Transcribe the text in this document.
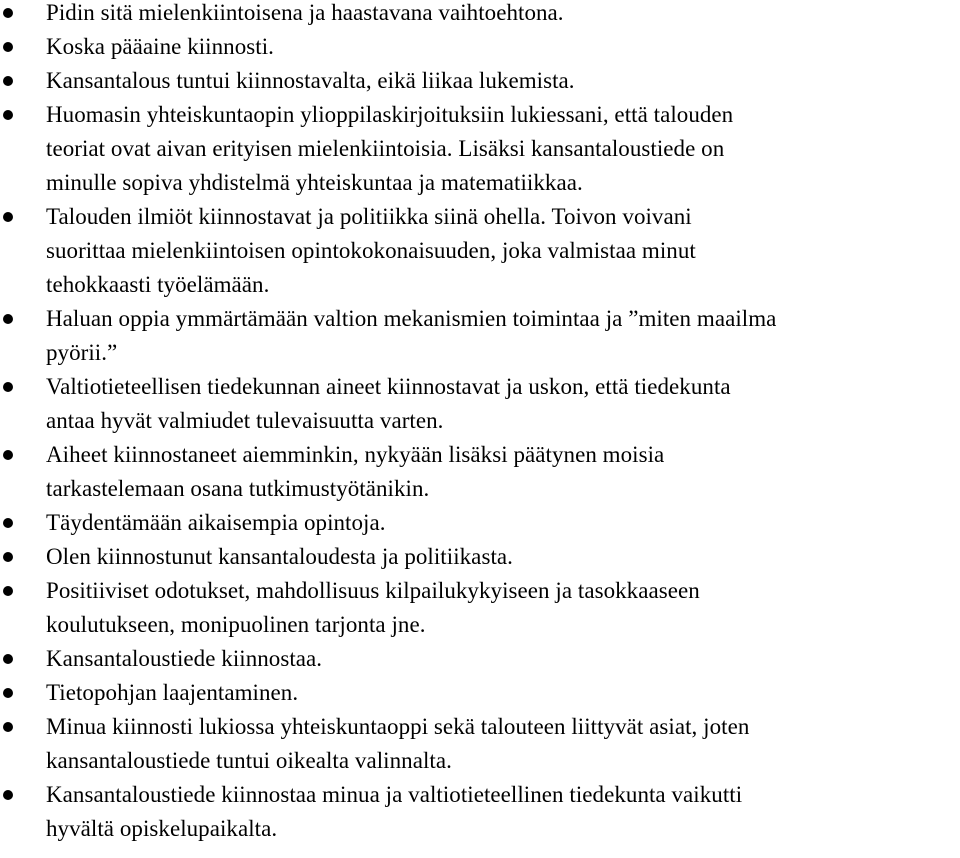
Pidin sitä mielenkiintoisena ja haastavana vaihtoehtona.
Koska pääaine kiinnosti.
Kansantalous tuntui kiinnostavalta, eikä liikaa lukemista.
Huomasin yhteiskuntaopin ylioppilaskirjoituksiin lukiessani, että talouden
teoriat ovat aivan erityisen mielenkiintoisia. Lisäksi kansantaloustiede on
minulle sopiva yhdistelmä yhteiskuntaa ja matematiikkaa.
Talouden ilmiöt kiinnostavat ja politiikka siinä ohella. Toivon voivani
suorittaa mielenkiintoisen opintokokonaisuuden, joka valmistaa minut
tehokkaasti työelämään.
Haluan oppia ymmärtämään valtion mekanismien toimintaa ja ”miten maailma
pyörii.”
Valtiotieteellisen tiedekunnan aineet kiinnostavat ja uskon, että tiedekunta
antaa hyvät valmiudet tulevaisuutta varten.
Aiheet kiinnostaneet aiemminkin, nykyään lisäksi päätynen moisia
tarkastelemaan osana tutkimustyötänikin.
Täydentämään aikaisempia opintoja.
Olen kiinnostunut kansantaloudesta ja politiikasta.
Positiiviset odotukset, mahdollisuus kilpailukykyiseen ja tasokkaaseen
koulutukseen, monipuolinen tarjonta jne.
Kansantaloustiede kiinnostaa.
Tietopohjan laajentaminen.
Minua kiinnosti lukiossa yhteiskuntaoppi sekä talouteen liittyvät asiat, joten
kansantaloustiede tuntui oikealta valinnalta.
Kansantaloustiede kiinnostaa minua ja valtiotieteellinen tiedekunta vaikutti
hyvältä opiskelupaikalta.
